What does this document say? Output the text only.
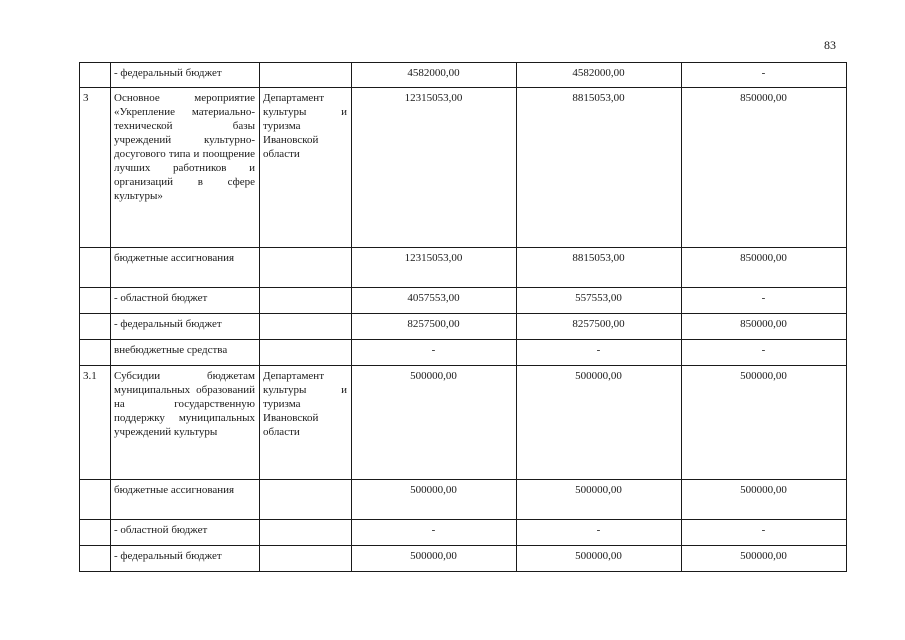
83
	- федеральный бюджет		4582000,00	4582000,00	-
3	Основное мероприятие «Укрепление материально-технической базы учреждений культурно-досугового типа и поощрение лучших работников и организаций в сфере культуры»	Департамент культуры и туризма Ивановской области	12315053,00	8815053,00	850000,00
	бюджетные ассигнования		12315053,00	8815053,00	850000,00
	- областной бюджет		4057553,00	557553,00	-
	- федеральный бюджет		8257500,00	8257500,00	850000,00
	внебюджетные средства		-	-	-
3.1	Субсидии бюджетам муниципальных образований на государственную поддержку муниципальных учреждений культуры	Департамент культуры и туризма Ивановской области	500000,00	500000,00	500000,00
	бюджетные ассигнования		500000,00	500000,00	500000,00
	- областной бюджет		-	-	-
	- федеральный бюджет		500000,00	500000,00	500000,00
